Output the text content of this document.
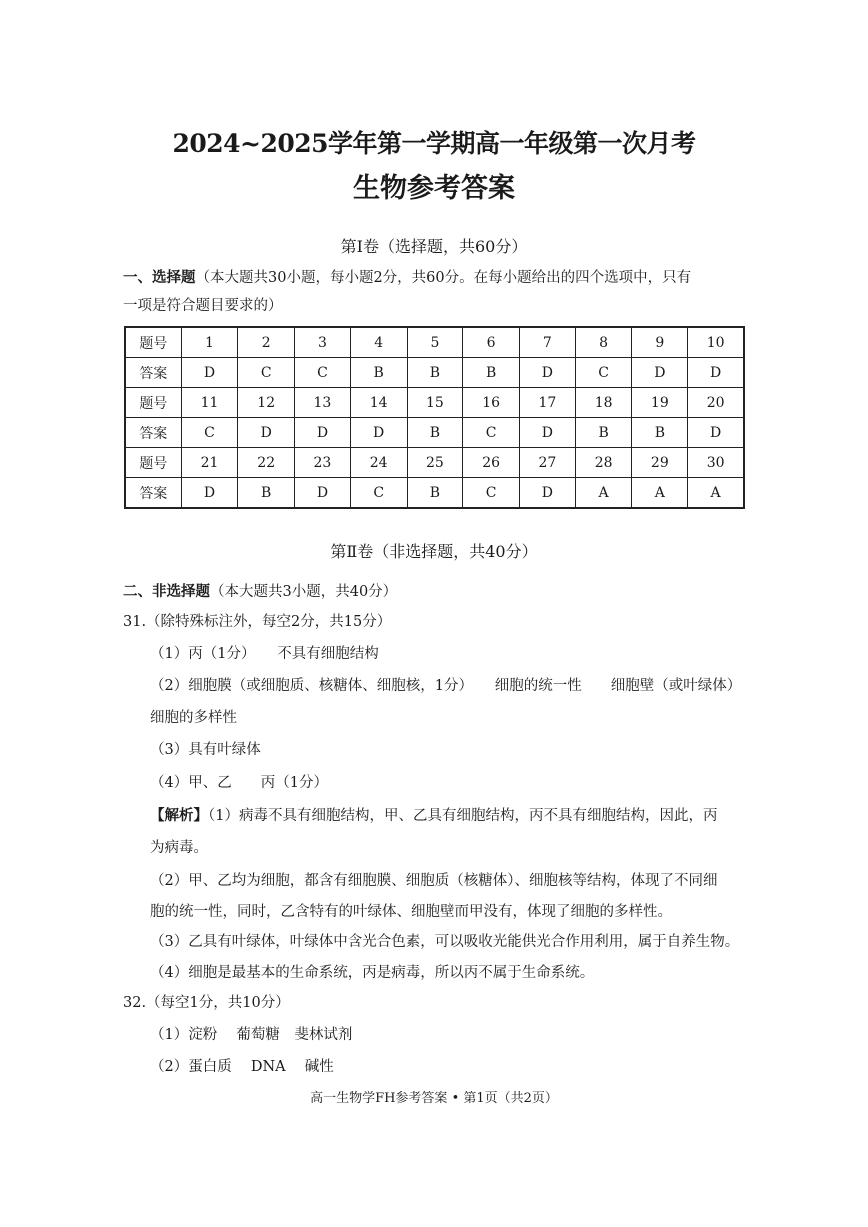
2024~2025学年第一学期高一年级第一次月考
生物参考答案
第Ⅰ卷（选择题，共60分）
一、选择题（本大题共30小题，每小题2分，共60分。在每小题给出的四个选项中，只有
一项是符合题目要求的）
题号	1	2	3	4	5	6	7	8	9	10
答案	D	C	C	B	B	B	D	C	D	D
题号	11	12	13	14	15	16	17	18	19	20
答案	C	D	D	D	B	C	D	B	B	D
题号	21	22	23	24	25	26	27	28	29	30
答案	D	B	D	C	B	C	D	A	A	A
第Ⅱ卷（非选择题，共40分）
二、非选择题（本大题共3小题，共40分）
31.（除特殊标注外，每空2分，共15分）
（1）丙（1分）　　不具有细胞结构
（2）细胞膜（或细胞质、核糖体、细胞核，1分）　　细胞的统一性　　细胞壁（或叶绿体）
细胞的多样性
（3）具有叶绿体
（4）甲、乙　　丙（1分）
【解析】（1）病毒不具有细胞结构，甲、乙具有细胞结构，丙不具有细胞结构，因此，丙
为病毒。
（2）甲、乙均为细胞，都含有细胞膜、细胞质（核糖体）、细胞核等结构，体现了不同细
胞的统一性，同时，乙含特有的叶绿体、细胞壁而甲没有，体现了细胞的多样性。
（3）乙具有叶绿体，叶绿体中含光合色素，可以吸收光能供光合作用利用，属于自养生物。
（4）细胞是最基本的生命系统，丙是病毒，所以丙不属于生命系统。
32.（每空1分，共10分）
（1）淀粉　 葡萄糖　斐林试剂
（2）蛋白质　 DNA　 碱性
高一生物学FH参考答案 • 第1页（共2页）
